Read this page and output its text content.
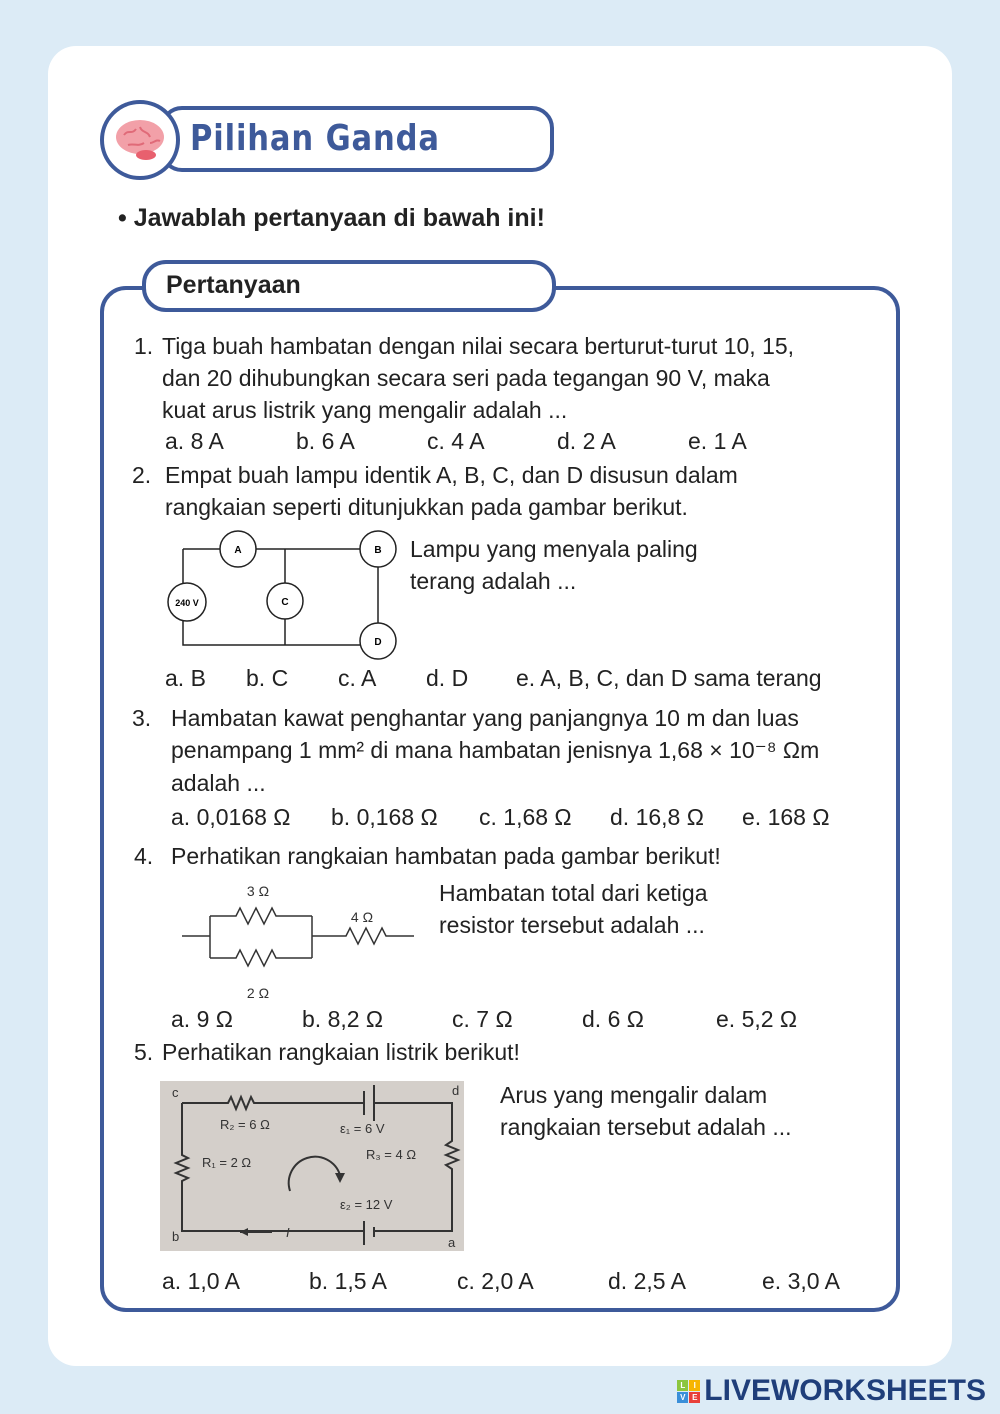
Pilihan Ganda
• Jawablah pertanyaan di bawah ini!
Pertanyaan
1. Tiga buah hambatan dengan nilai secara berturut-turut 10, 15,
dan 20 dihubungkan secara seri pada tegangan 90 V, maka
kuat arus listrik yang mengalir adalah ...
a. 8 A	b. 6 A	c. 4 A	d. 2 A	e. 1 A
2. Empat buah lampu identik A, B, C, dan D disusun dalam
rangkaian seperti ditunjukkan pada gambar berikut.
A	B
C
D
240 V
Lampu yang menyala paling
terang adalah ...
a. B b. C c. A d. D e. A, B, C, dan D sama terang
3. Hambatan kawat penghantar yang panjangnya 10 m dan luas
penampang 1 mm² di mana hambatan jenisnya 1,68 × 10⁻⁸ Ωm
adalah ...
a. 0,0168 Ω b. 0,168 Ω c. 1,68 Ω d. 16,8 Ω e. 168 Ω
4. Perhatikan rangkaian hambatan pada gambar berikut!
3 Ω
2 Ω
4 Ω
Hambatan total dari ketiga
resistor tersebut adalah ...
a. 9 Ω	b. 8,2 Ω	c. 7 Ω	d. 6 Ω	e. 5,2 Ω
5. Perhatikan rangkaian listrik berikut!
c	d
b	a
R₂ = 6 Ω
R₁ = 2 Ω
R₃ = 4 Ω
ε₁ = 6 V
ε₂ = 12 V
I
Arus yang mengalir dalam
rangkaian tersebut adalah ...
a. 1,0 A	b. 1,5 A	c. 2,0 A	d. 2,5 A	e. 3,0 A
L	I
V E LIVEWORKSHEETS
